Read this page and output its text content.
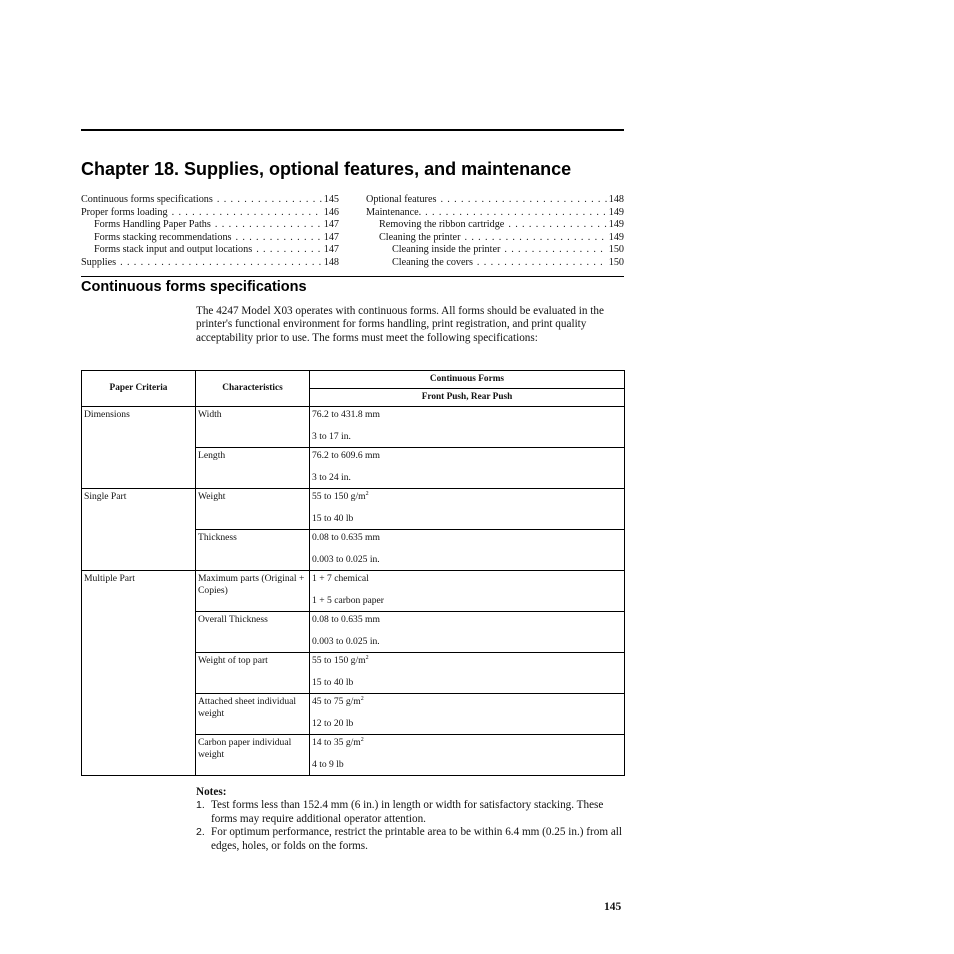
Chapter 18. Supplies, optional features, and maintenance
Continuous forms specifications .....	145
Proper forms loading .....	146
Forms Handling Paper Paths .....	147
Forms stacking recommendations .....	147
Forms stack input and output locations .....	147
Supplies .....	148
Optional features .....	148
Maintenance. .....	149
Removing the ribbon cartridge .....	149
Cleaning the printer .....	149
Cleaning inside the printer .....	150
Cleaning the covers .....	150
Continuous forms specifications

The 4247 Model X03 operates with continuous forms. All forms should be evaluated in the printer's functional environment for forms handling, print registration, and print quality acceptability prior to use. The forms must meet the following specifications:

Paper Criteria	Characteristics	Continuous Forms
		Front Push, Rear Push
Dimensions	Width	76.2 to 431.8 mm
3 to 17 in.

	Length	76.2 to 609.6 mm
3 to 24 in.

Single Part	Weight	55 to 150 $g/m^2$
15 to 40 lb

	Thickness	0.08 to 0.635 mm
0.003 to 0.025 in.

Multiple Part	Maximum parts (Original + Copies)	1 + 7 chemical
1 + 5 carbon paper

	Overall Thickness	0.08 to 0.635 mm
0.003 to 0.025 in.

	Weight of top part	55 to 150 $g/m^2$
15 to 40 lb

	Attached sheet individual weight	45 to 75 $g/m^2$
12 to 20 lb

	Carbon paper individual weight	14 to 35 $g/m^2$
4 to 9 lb
Notes:
1. Test forms less than 152.4 mm (6 in.) in length or width for satisfactory stacking. These forms may require additional operator attention.
2. For optimum performance, restrict the printable area to be within 6.4 mm (0.25 in.) from all edges, holes, or folds on the forms.
145
